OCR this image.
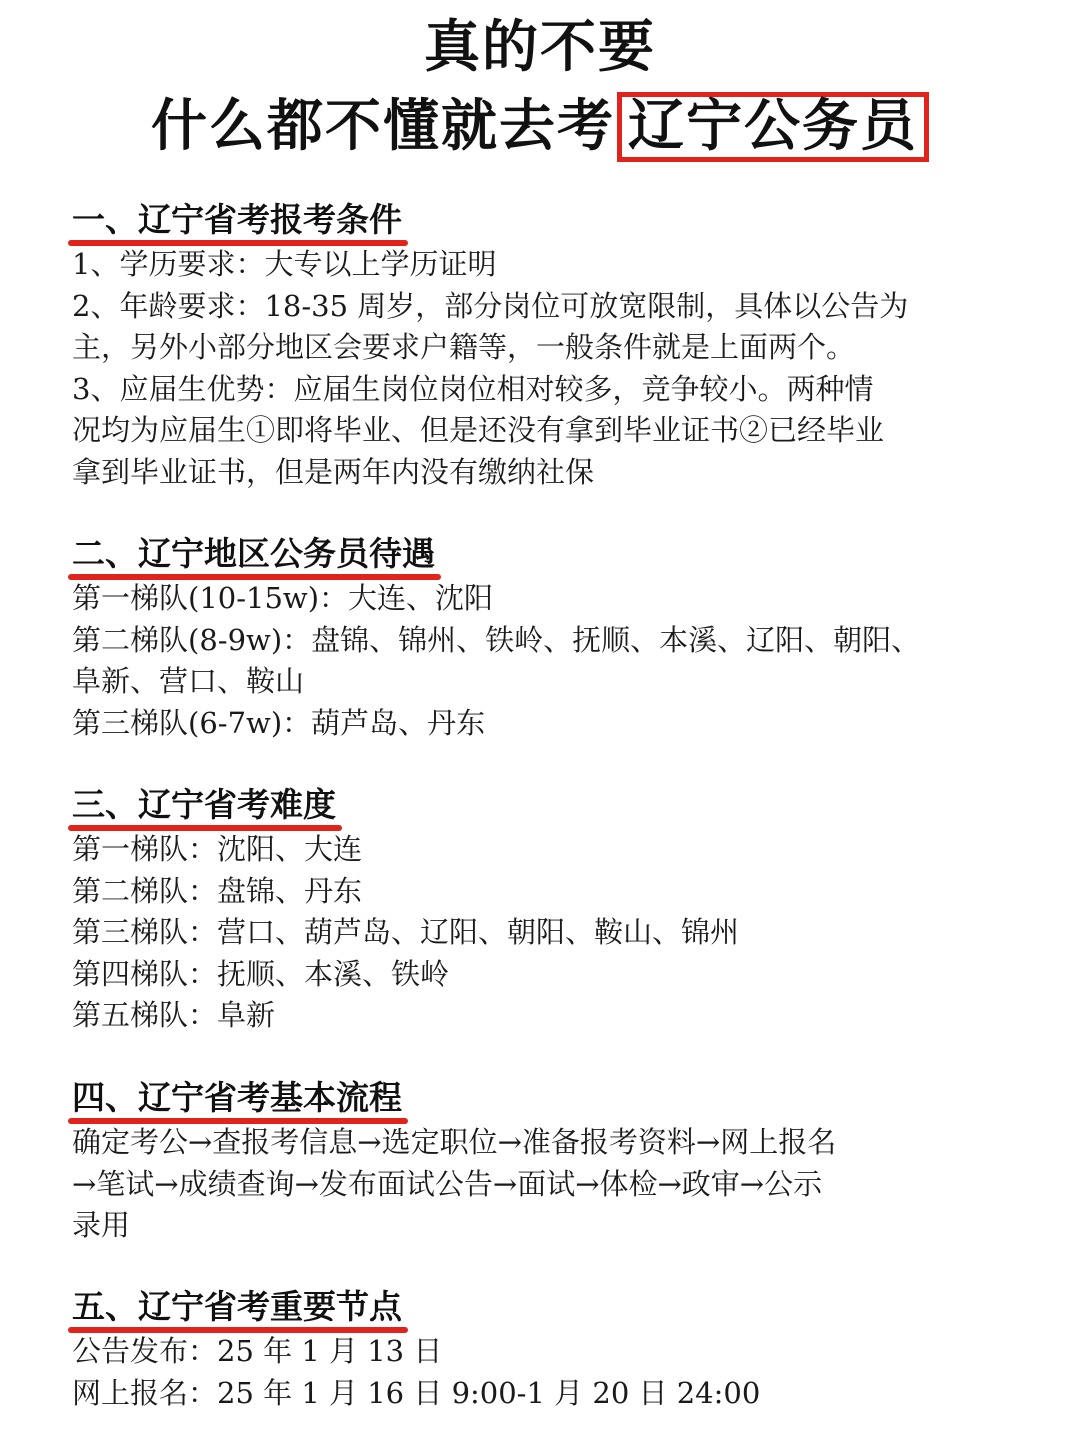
真的不要
什么都不懂就去考 辽宁公务员
一、辽宁省考报考条件
1、学历要求：大专以上学历证明
2、年龄要求：18-35 周岁，部分岗位可放宽限制，具体以公告为
主，另外小部分地区会要求户籍等，一般条件就是上面两个。
3、应届生优势：应届生岗位岗位相对较多，竞争较小。两种情
况均为应届生①即将毕业、但是还没有拿到毕业证书②已经毕业
拿到毕业证书，但是两年内没有缴纳社保
二、辽宁地区公务员待遇
第一梯队(10-15w)：大连、沈阳
第二梯队(8-9w)：盘锦、锦州、铁岭、抚顺、本溪、辽阳、朝阳、
阜新、营口、鞍山
第三梯队(6-7w)：葫芦岛、丹东
三、辽宁省考难度
第一梯队：沈阳、大连
第二梯队：盘锦、丹东
第三梯队：营口、葫芦岛、辽阳、朝阳、鞍山、锦州
第四梯队：抚顺、本溪、铁岭
第五梯队：阜新
四、辽宁省考基本流程
确定考公→查报考信息→选定职位→准备报考资料→网上报名
→笔试→成绩查询→发布面试公告→面试→体检→政审→公示
录用
五、辽宁省考重要节点
公告发布：25 年 1 月 13 日
网上报名：25 年 1 月 16 日 9:00-1 月 20 日 24:00
